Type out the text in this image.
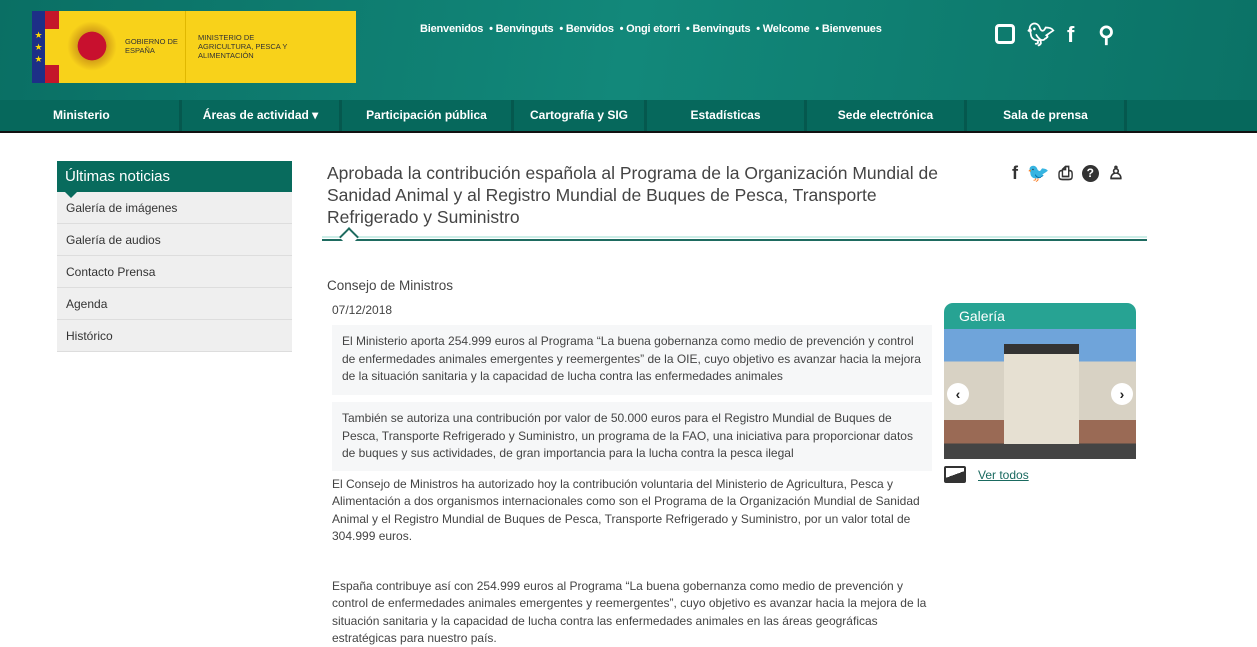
★
★
★
GOBIERNO DE ESPAÑA
MINISTERIO DE AGRICULTURA, PESCA Y ALIMENTACIÓN
Bienvenidos • Benvinguts • Benvidos • Ongi etorri • Benvinguts • Welcome • Bienvenues	🐦︎ f ⚲
Ministerio	Áreas de actividad ▾	Participación pública	Cartografía y SIG	Estadísticas	Sede electrónica	Sala de prensa
Últimas noticias
Galería de imágenes
Galería de audios
Contacto Prensa
Agenda
Histórico
Aprobada la contribución española al Programa de la Organización Mundial de Sanidad Animal y al Registro Mundial de Buques de Pesca, Transporte Refrigerado y Suministro
f 🐦 ⎙	? ♙
Consejo de Ministros
07/12/2018
El Ministerio aporta 254.999 euros al Programa “La buena gobernanza como medio de prevención y control de enfermedades animales emergentes y reemergentes” de la OIE, cuyo objetivo es avanzar hacia la mejora de la situación sanitaria y la capacidad de lucha contra las enfermedades animales
También se autoriza una contribución por valor de 50.000 euros para el Registro Mundial de Buques de Pesca, Transporte Refrigerado y Suministro, un programa de la FAO, una iniciativa para proporcionar datos de buques y sus actividades, de gran importancia para la lucha contra la pesca ilegal

El Consejo de Ministros ha autorizado hoy la contribución voluntaria del Ministerio de Agricultura, Pesca y Alimentación a dos organismos internacionales como son el Programa de la Organización Mundial de Sanidad Animal y el Registro Mundial de Buques de Pesca, Transporte Refrigerado y Suministro, por un valor total de 304.999 euros.

España contribuye así con 254.999 euros al Programa “La buena gobernanza como medio de prevención y control de enfermedades animales emergentes y reemergentes”, cuyo objetivo es avanzar hacia la mejora de la situación sanitaria y la capacidad de lucha contra las enfermedades animales en las áreas geográficas estratégicas para nuestro país.

Galería
‹	›
Ver todos
